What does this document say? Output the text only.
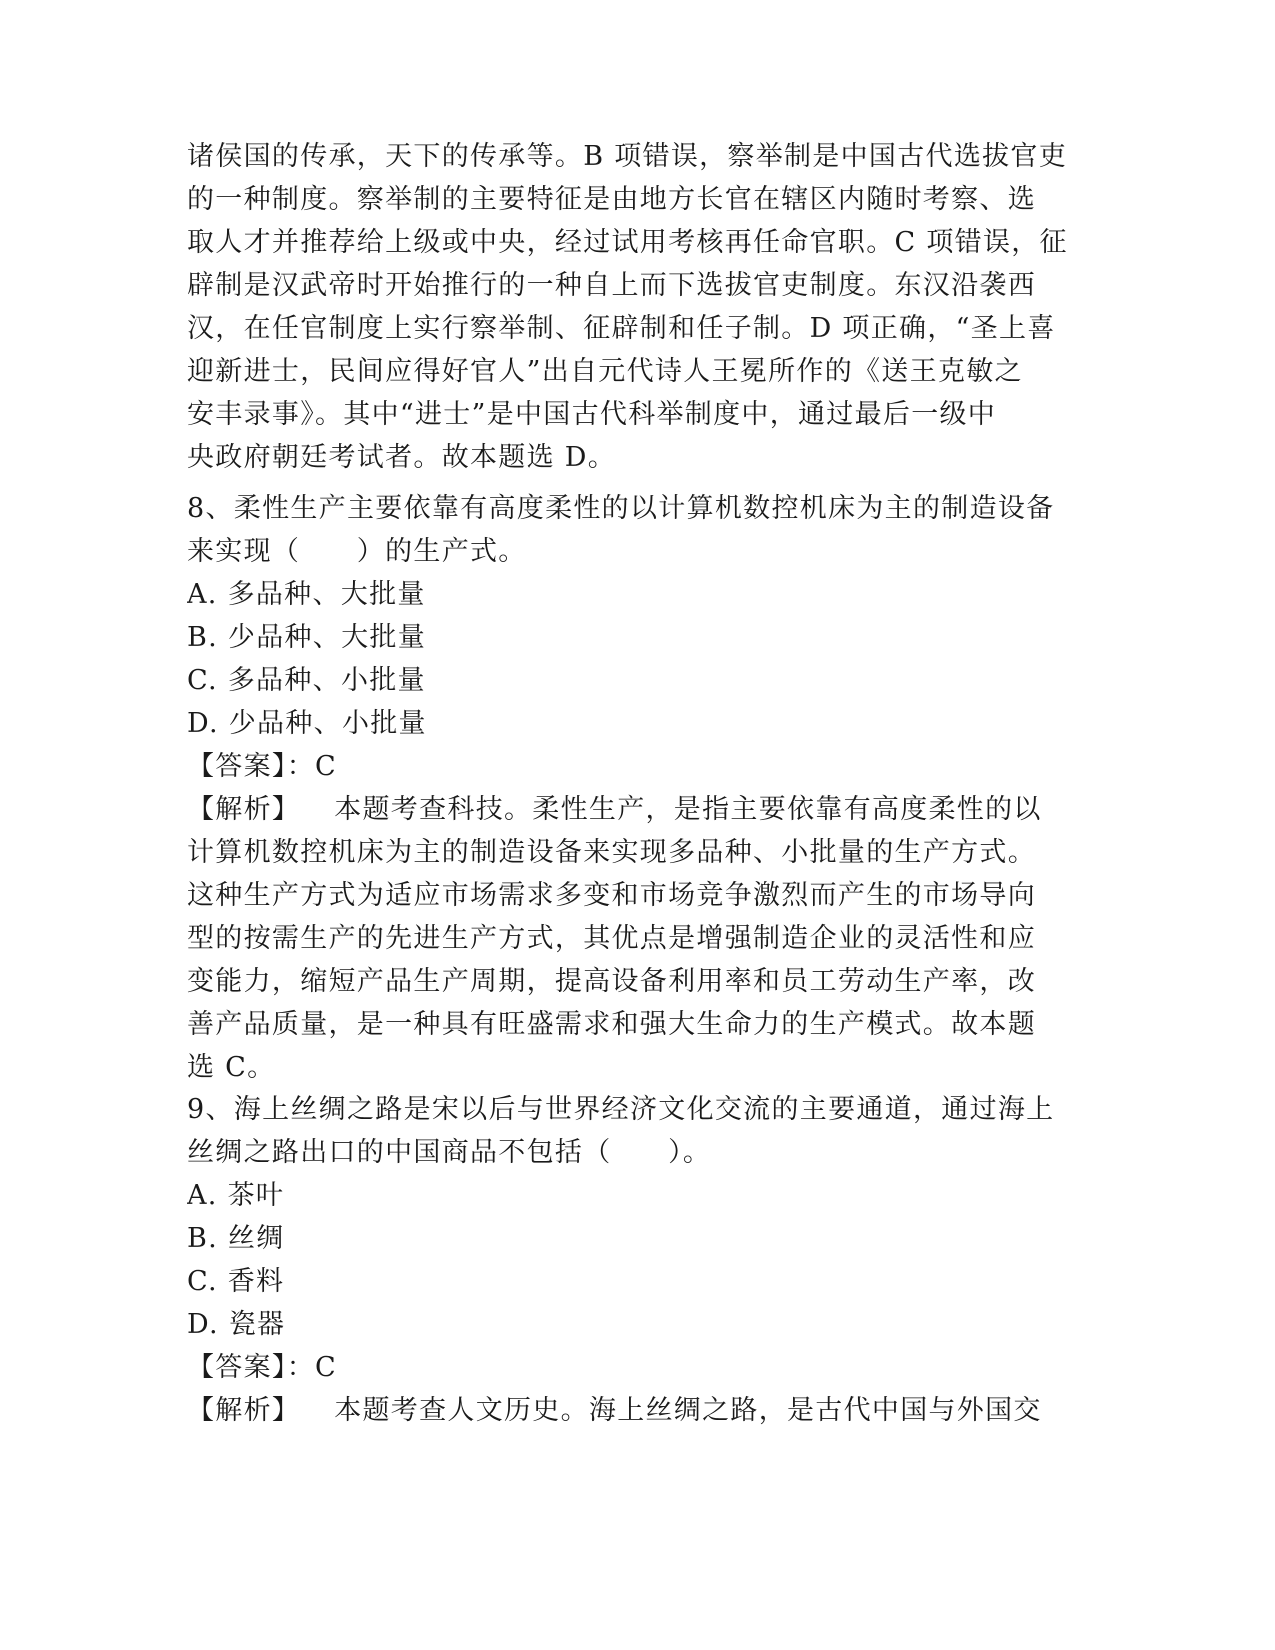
诸侯国的传承，天下的传承等。B 项错误，察举制是中国古代选拔官吏
的一种制度。察举制的主要特征是由地方长官在辖区内随时考察、选
取人才并推荐给上级或中央，经过试用考核再任命官职。C 项错误，征
辟制是汉武帝时开始推行的一种自上而下选拔官吏制度。东汉沿袭西
汉，在任官制度上实行察举制、征辟制和任子制。D 项正确，“圣上喜
迎新进士，民间应得好官人”出自元代诗人王冕所作的《送王克敏之
安丰录事》。其中“进士”是中国古代科举制度中，通过最后一级中
央政府朝廷考试者。故本题选 D。
8、柔性生产主要依靠有高度柔性的以计算机数控机床为主的制造设备
来实现（　　）的生产式。
A. 多品种、大批量
B. 少品种、大批量
C. 多品种、小批量
D. 少品种、小批量
【答案】：C
【解析】 本题考查科技。柔性生产，是指主要依靠有高度柔性的以
计算机数控机床为主的制造设备来实现多品种、小批量的生产方式。
这种生产方式为适应市场需求多变和市场竞争激烈而产生的市场导向
型的按需生产的先进生产方式，其优点是增强制造企业的灵活性和应
变能力，缩短产品生产周期，提高设备利用率和员工劳动生产率，改
善产品质量，是一种具有旺盛需求和强大生命力的生产模式。故本题
选 C。
9、海上丝绸之路是宋以后与世界经济文化交流的主要通道，通过海上
丝绸之路出口的中国商品不包括（　　）。
A. 茶叶
B. 丝绸
C. 香料
D. 瓷器
【答案】：C
【解析】 本题考查人文历史。海上丝绸之路，是古代中国与外国交
